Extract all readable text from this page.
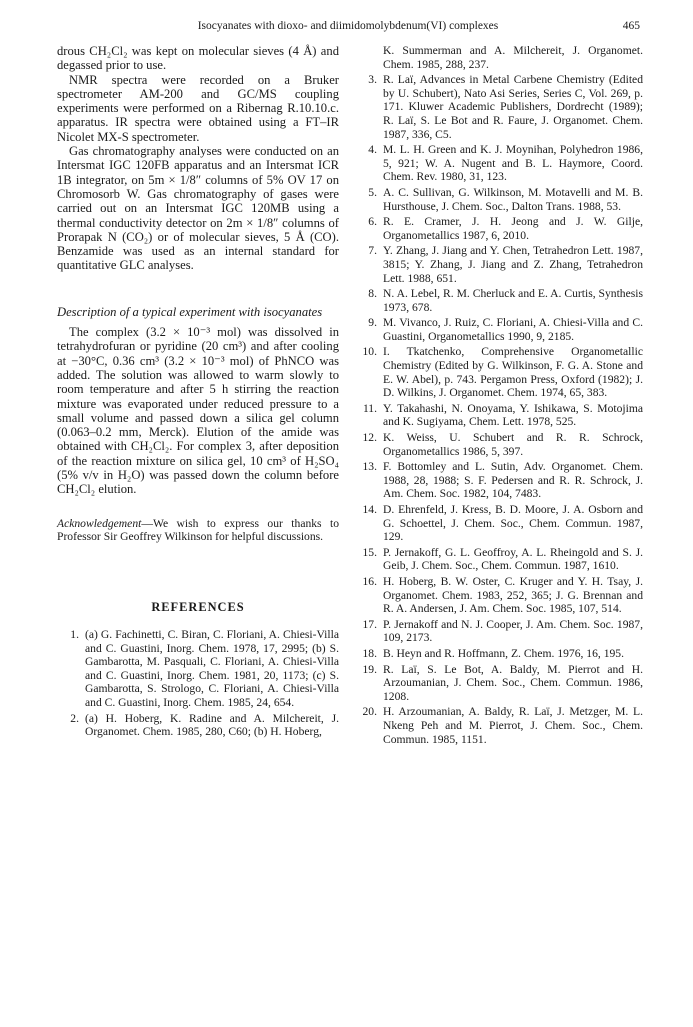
Isocyanates with dioxo- and diimidomolybdenum(VI) complexes	465

drous CH₂Cl₂ was kept on molecular sieves (4 Å) and degassed prior to use.

NMR spectra were recorded on a Bruker spectrometer AM-200 and GC/MS coupling experiments were performed on a Ribernag R.10.10.c. apparatus. IR spectra were obtained using a FT–IR Nicolet MX-S spectrometer.

Gas chromatography analyses were conducted on an Intersmat IGC 120FB apparatus and an Intersmat ICR 1B integrator, on 5m × 1/8″ columns of 5% OV 17 on Chromosorb W. Gas chromatography of gases were carried out on an Intersmat IGC 120MB using a thermal conductivity detector on 2m × 1/8″ columns of Prorapak N (CO₂) or of molecular sieves, 5 Å (CO). Benzamide was used as an internal standard for quantitative GLC analyses.

Description of a typical experiment with isocyanates

The complex (3.2 × 10⁻³ mol) was dissolved in tetrahydrofuran or pyridine (20 cm³) and after cooling at −30°C, 0.36 cm³ (3.2 × 10⁻³ mol) of PhNCO was added. The solution was allowed to warm slowly to room temperature and after 5 h stirring the reaction mixture was evaporated under reduced pressure to a small volume and passed down a silica gel column (0.063–0.2 mm, Merck). Elution of the amide was obtained with CH₂Cl₂. For complex 3, after deposition of the reaction mixture on silica gel, 10 cm³ of H₂SO₄ (5% v/v in H₂O) was passed down the column before CH₂Cl₂ elution.

Acknowledgement—We wish to express our thanks to Professor Sir Geoffrey Wilkinson for helpful discussions.

REFERENCES

1. (a) G. Fachinetti, C. Biran, C. Floriani, A. Chiesi-Villa and C. Guastini, Inorg. Chem. 1978, 17, 2995; (b) S. Gambarotta, M. Pasquali, C. Floriani, A. Chiesi-Villa and C. Guastini, Inorg. Chem. 1981, 20, 1173; (c) S. Gambarotta, S. Strologo, C. Floriani, A. Chiesi-Villa and C. Guastini, Inorg. Chem. 1985, 24, 654.
2. (a) H. Hoberg, K. Radine and A. Milchereit, J. Organomet. Chem. 1985, 280, C60; (b) H. Hoberg,
K. Summerman and A. Milchereit, J. Organomet. Chem. 1985, 288, 237.
3. R. Laï, Advances in Metal Carbene Chemistry (Edited by U. Schubert), Nato Asi Series, Series C, Vol. 269, p. 171. Kluwer Academic Publishers, Dordrecht (1989); R. Laï, S. Le Bot and R. Faure, J. Organomet. Chem. 1987, 336, C5.
4. M. L. H. Green and K. J. Moynihan, Polyhedron 1986, 5, 921; W. A. Nugent and B. L. Haymore, Coord. Chem. Rev. 1980, 31, 123.
5. A. C. Sullivan, G. Wilkinson, M. Motavelli and M. B. Hursthouse, J. Chem. Soc., Dalton Trans. 1988, 53.
6. R. E. Cramer, J. H. Jeong and J. W. Gilje, Organometallics 1987, 6, 2010.
7. Y. Zhang, J. Jiang and Y. Chen, Tetrahedron Lett. 1987, 3815; Y. Zhang, J. Jiang and Z. Zhang, Tetrahedron Lett. 1988, 651.
8. N. A. Lebel, R. M. Cherluck and E. A. Curtis, Synthesis 1973, 678.
9. M. Vivanco, J. Ruiz, C. Floriani, A. Chiesi-Villa and C. Guastini, Organometallics 1990, 9, 2185.
10. I. Tkatchenko, Comprehensive Organometallic Chemistry (Edited by G. Wilkinson, F. G. A. Stone and E. W. Abel), p. 743. Pergamon Press, Oxford (1982); J. D. Wilkins, J. Organomet. Chem. 1974, 65, 383.
11. Y. Takahashi, N. Onoyama, Y. Ishikawa, S. Motojima and K. Sugiyama, Chem. Lett. 1978, 525.
12. K. Weiss, U. Schubert and R. R. Schrock, Organometallics 1986, 5, 397.
13. F. Bottomley and L. Sutin, Adv. Organomet. Chem. 1988, 28, 1988; S. F. Pedersen and R. R. Schrock, J. Am. Chem. Soc. 1982, 104, 7483.
14. D. Ehrenfeld, J. Kress, B. D. Moore, J. A. Osborn and G. Schoettel, J. Chem. Soc., Chem. Commun. 1987, 129.
15. P. Jernakoff, G. L. Geoffroy, A. L. Rheingold and S. J. Geib, J. Chem. Soc., Chem. Commun. 1987, 1610.
16. H. Hoberg, B. W. Oster, C. Kruger and Y. H. Tsay, J. Organomet. Chem. 1983, 252, 365; J. G. Brennan and R. A. Andersen, J. Am. Chem. Soc. 1985, 107, 514.
17. P. Jernakoff and N. J. Cooper, J. Am. Chem. Soc. 1987, 109, 2173.
18. B. Heyn and R. Hoffmann, Z. Chem. 1976, 16, 195.
19. R. Laï, S. Le Bot, A. Baldy, M. Pierrot and H. Arzoumanian, J. Chem. Soc., Chem. Commun. 1986, 1208.
20. H. Arzoumanian, A. Baldy, R. Laï, J. Metzger, M. L. Nkeng Peh and M. Pierrot, J. Chem. Soc., Chem. Commun. 1985, 1151.
